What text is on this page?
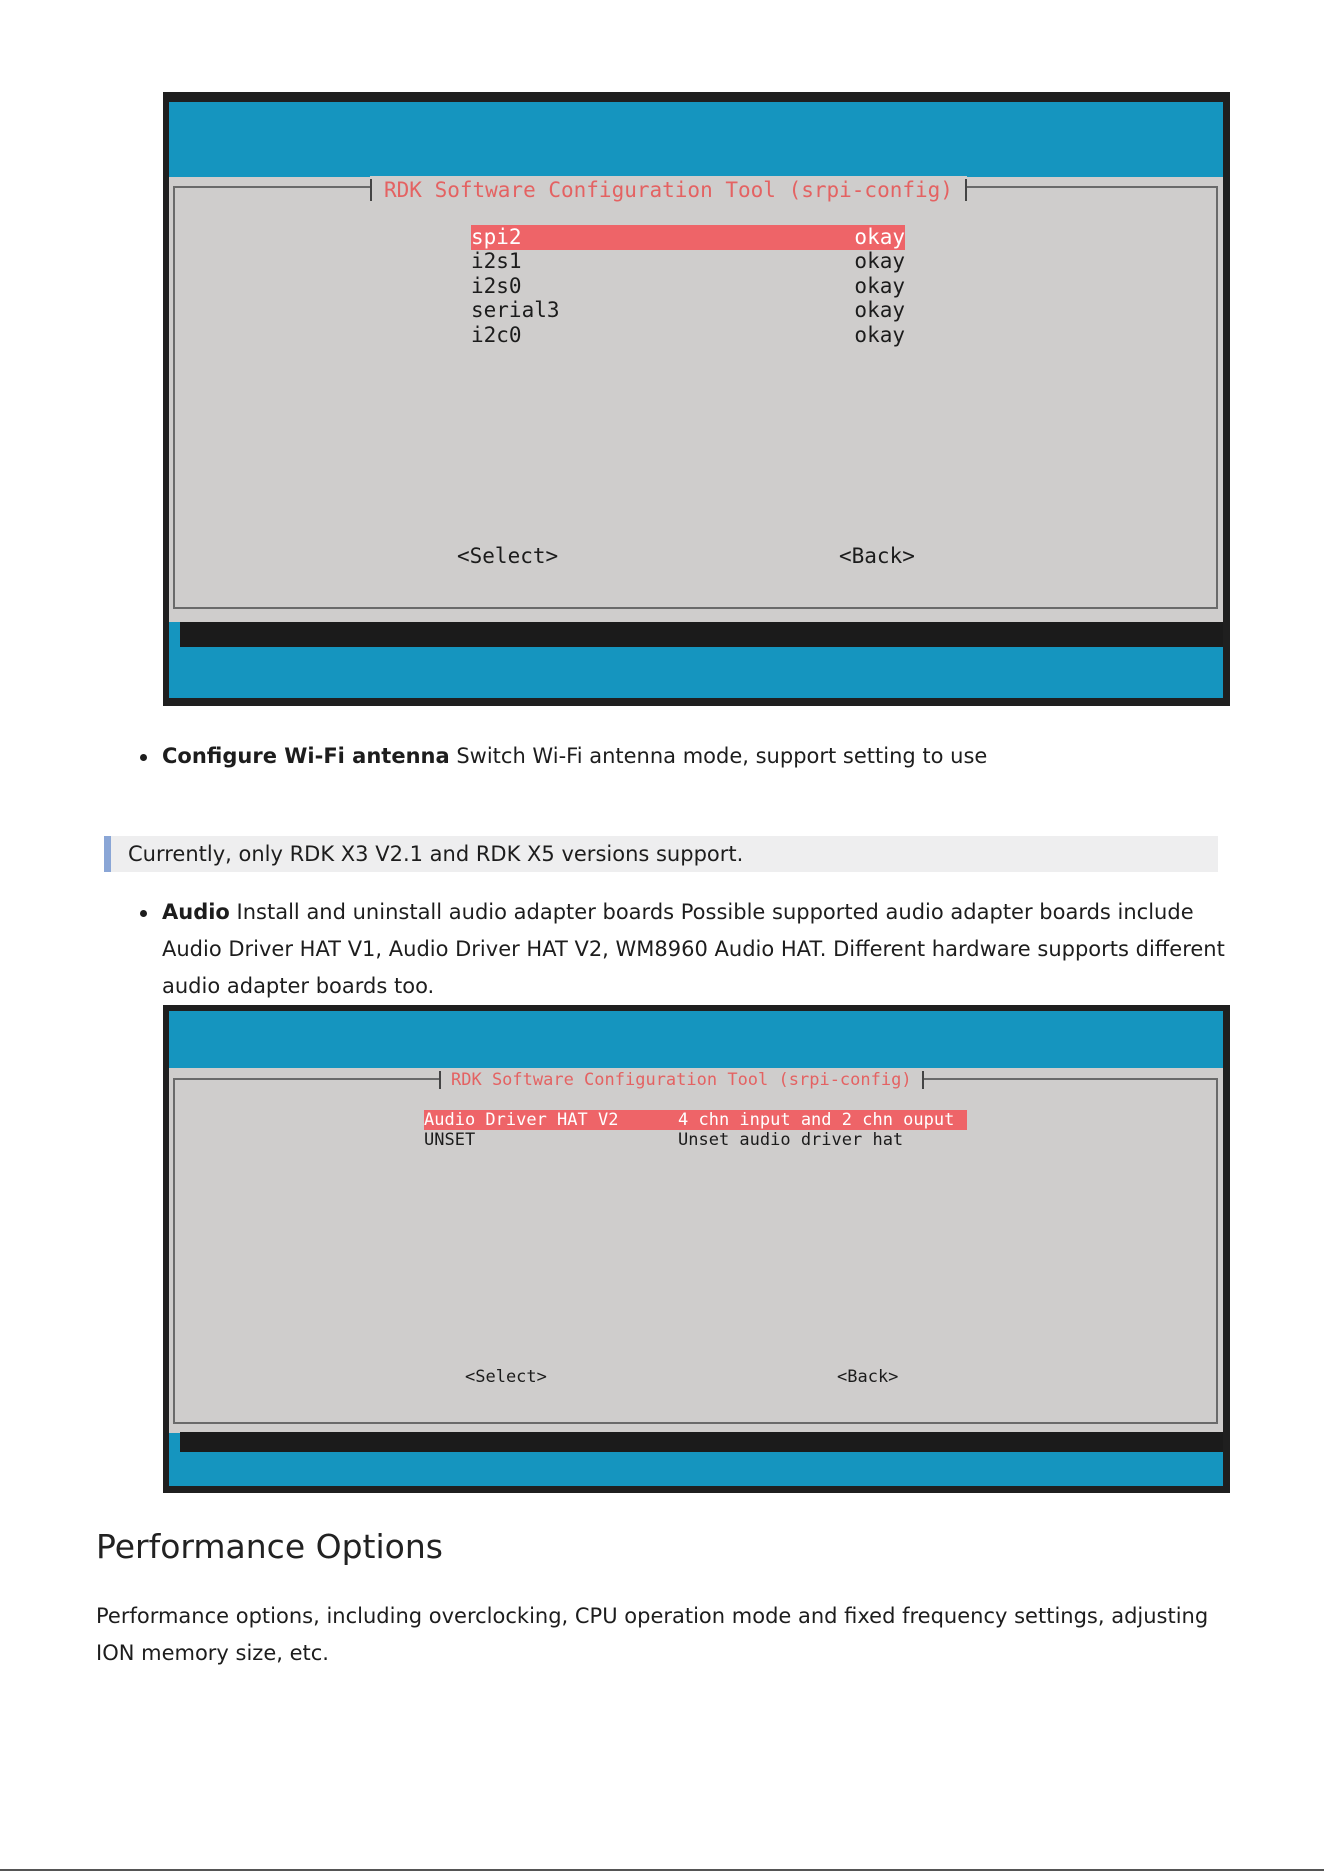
RDK Software Configuration Tool (srpi-config)
spi2	okay
i2s1	okay
i2s0	okay
serial3	okay
i2c0	okay
<Select>	<Back>
Configure Wi-Fi antenna Switch Wi-Fi antenna mode, support setting to use
Currently, only RDK X3 V2.1 and RDK X5 versions support.
Audio Install and uninstall audio adapter boards Possible supported audio adapter boards include Audio Driver HAT V1, Audio Driver HAT V2, WM8960 Audio HAT. Different hardware supports different audio adapter boards too.
RDK Software Configuration Tool (srpi-config)
Audio Driver HAT V2	4 chn input and 2 chn ouput
UNSET	Unset audio driver hat
<Select>	<Back>
Performance Options
Performance options, including overclocking, CPU operation mode and fixed frequency settings, adjusting ION memory size, etc.
